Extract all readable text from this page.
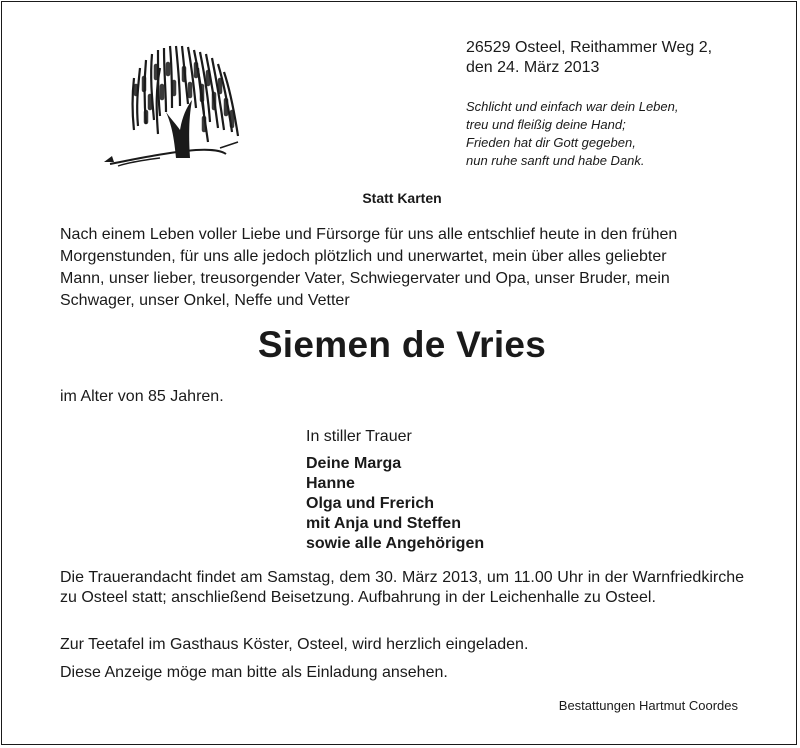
26529 Osteel, Reithammer Weg 2,
den 24. März 2013
Schlicht und einfach war dein Leben,
treu und fleißig deine Hand;
Frieden hat dir Gott gegeben,
nun ruhe sanft und habe Dank.
Statt Karten
Nach einem Leben voller Liebe und Fürsorge für uns alle entschlief heute in den frühen
Morgenstunden, für uns alle jedoch plötzlich und unerwartet, mein über alles geliebter
Mann, unser lieber, treusorgender Vater, Schwiegervater und Opa, unser Bruder, mein
Schwager, unser Onkel, Neffe und Vetter
Siemen de Vries
im Alter von 85 Jahren.
In stiller Trauer
Deine Marga
Hanne
Olga und Frerich
mit Anja und Steffen
sowie alle Angehörigen
Die Trauerandacht findet am Samstag, dem 30. März 2013, um 11.00 Uhr in der Warnfriedkirche zu Osteel statt; anschließend Beisetzung. Aufbahrung in der Leichenhalle zu Osteel.
Zur Teetafel im Gasthaus Köster, Osteel, wird herzlich eingeladen.
Diese Anzeige möge man bitte als Einladung ansehen.
Bestattungen Hartmut Coordes
